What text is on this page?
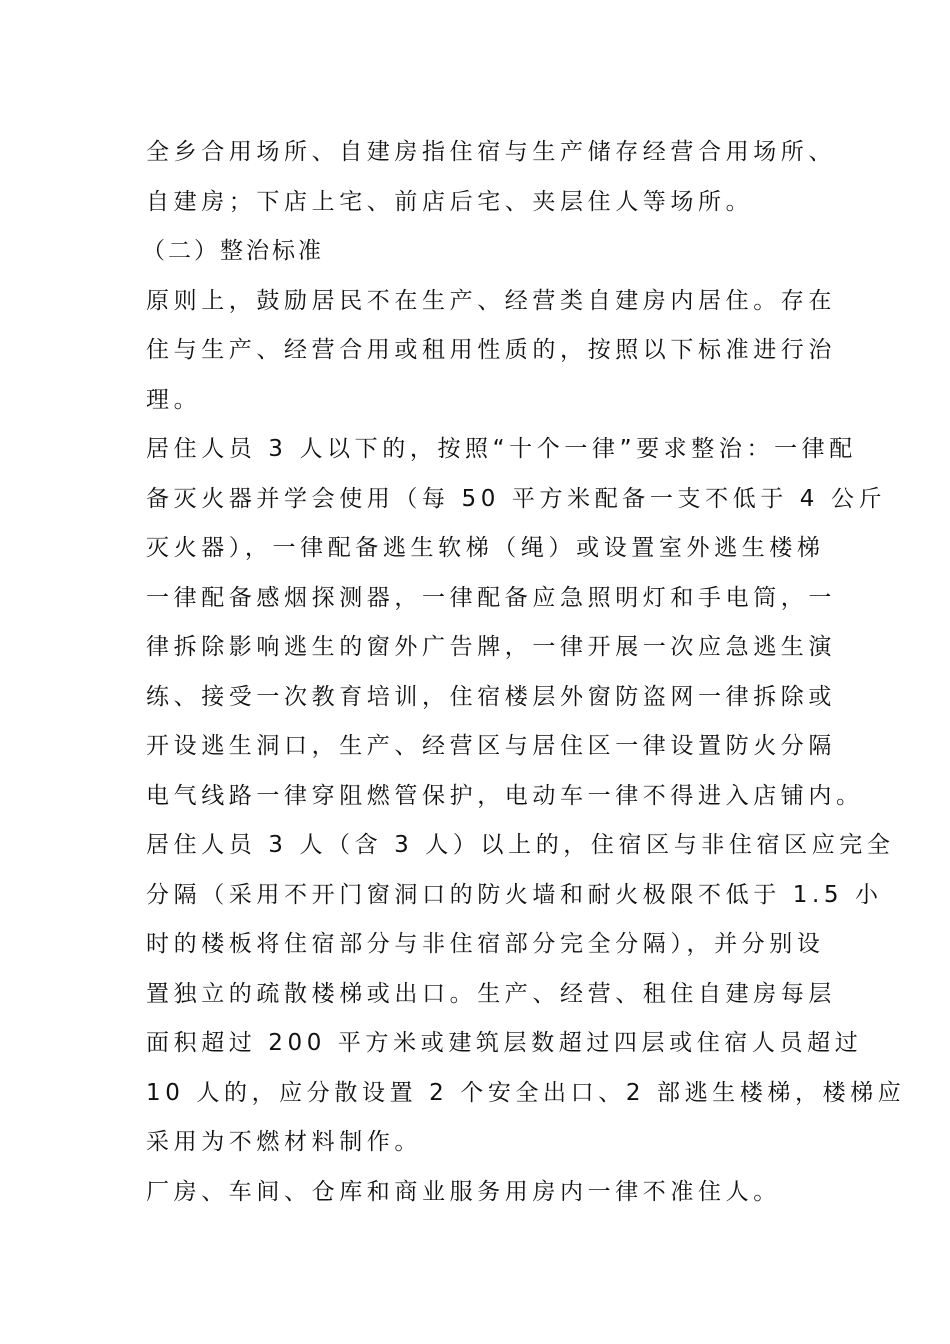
全乡合用场所、自建房指住宿与生产储存经营合用场所、
自建房；下店上宅、前店后宅、夹层住人等场所。
（二）整治标准
原则上，鼓励居民不在生产、经营类自建房内居住。存在
住与生产、经营合用或租用性质的，按照以下标准进行治
理。
居住人员 3 人以下的，按照“十个一律”要求整治：一律配
备灭火器并学会使用（每 50 平方米配备一支不低于 4 公斤
灭火器），一律配备逃生软梯（绳）或设置室外逃生楼梯
一律配备感烟探测器，一律配备应急照明灯和手电筒，一
律拆除影响逃生的窗外广告牌，一律开展一次应急逃生演
练、接受一次教育培训，住宿楼层外窗防盗网一律拆除或
开设逃生洞口，生产、经营区与居住区一律设置防火分隔
电气线路一律穿阻燃管保护，电动车一律不得进入店铺内。
居住人员 3 人（含 3 人）以上的，住宿区与非住宿区应完全
分隔（采用不开门窗洞口的防火墙和耐火极限不低于 1.5 小
时的楼板将住宿部分与非住宿部分完全分隔），并分别设
置独立的疏散楼梯或出口。生产、经营、租住自建房每层
面积超过 200 平方米或建筑层数超过四层或住宿人员超过
10 人的，应分散设置 2 个安全出口、2 部逃生楼梯，楼梯应
采用为不燃材料制作。
厂房、车间、仓库和商业服务用房内一律不准住人。
